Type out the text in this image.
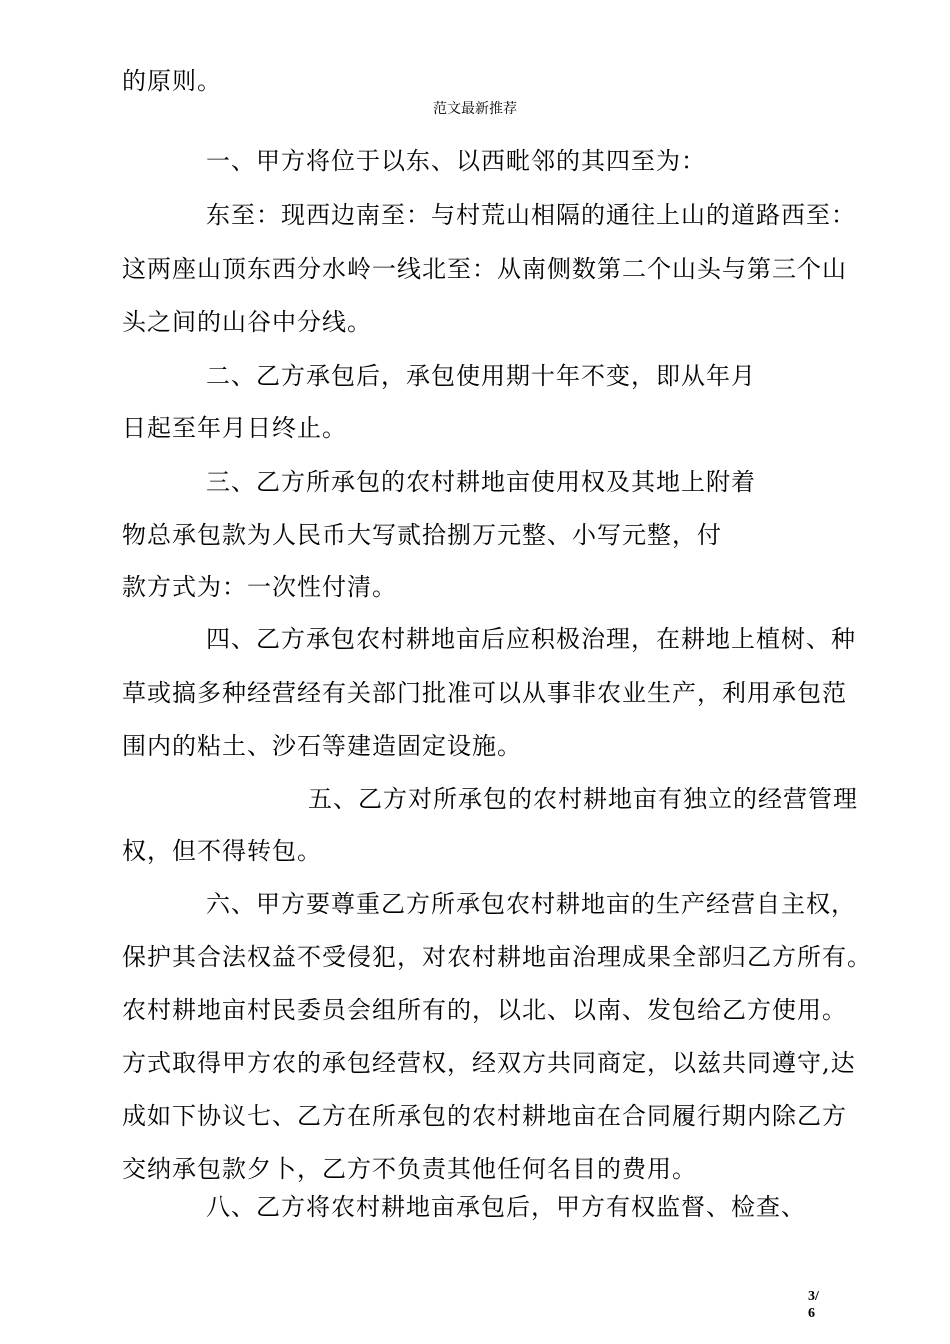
范文最新推荐
的原则。
一、甲方将位于以东、以西毗邻的其四至为：
东至：现西边南至：与村荒山相隔的通往上山的道路西至：
这两座山顶东西分水岭一线北至：从南侧数第二个山头与第三个山
头之间的山谷中分线。
二、乙方承包后，承包使用期十年不变，即从年月
日起至年月日终止。
三、乙方所承包的农村耕地亩使用权及其地上附着
物总承包款为人民币大写贰拾捌万元整、小写元整，付
款方式为：一次性付清。
四、乙方承包农村耕地亩后应积极治理，在耕地上植树、种
草或搞多种经营经有关部门批准可以从事非农业生产，利用承包范
围内的粘土、沙石等建造固定设施。
五、乙方对所承包的农村耕地亩有独立的经营管理
权，但不得转包。
六、甲方要尊重乙方所承包农村耕地亩的生产经营自主权，
保护其合法权益不受侵犯，对农村耕地亩治理成果全部归乙方所有。
农村耕地亩村民委员会组所有的，以北、以南、发包给乙方使用。
方式取得甲方农的承包经营权，经双方共同商定，以兹共同遵守,达
成如下协议七、乙方在所承包的农村耕地亩在合同履行期内除乙方
交纳承包款夕卜，乙方不负责其他任何名目的费用。
八、乙方将农村耕地亩承包后，甲方有权监督、检查、
3/
6
